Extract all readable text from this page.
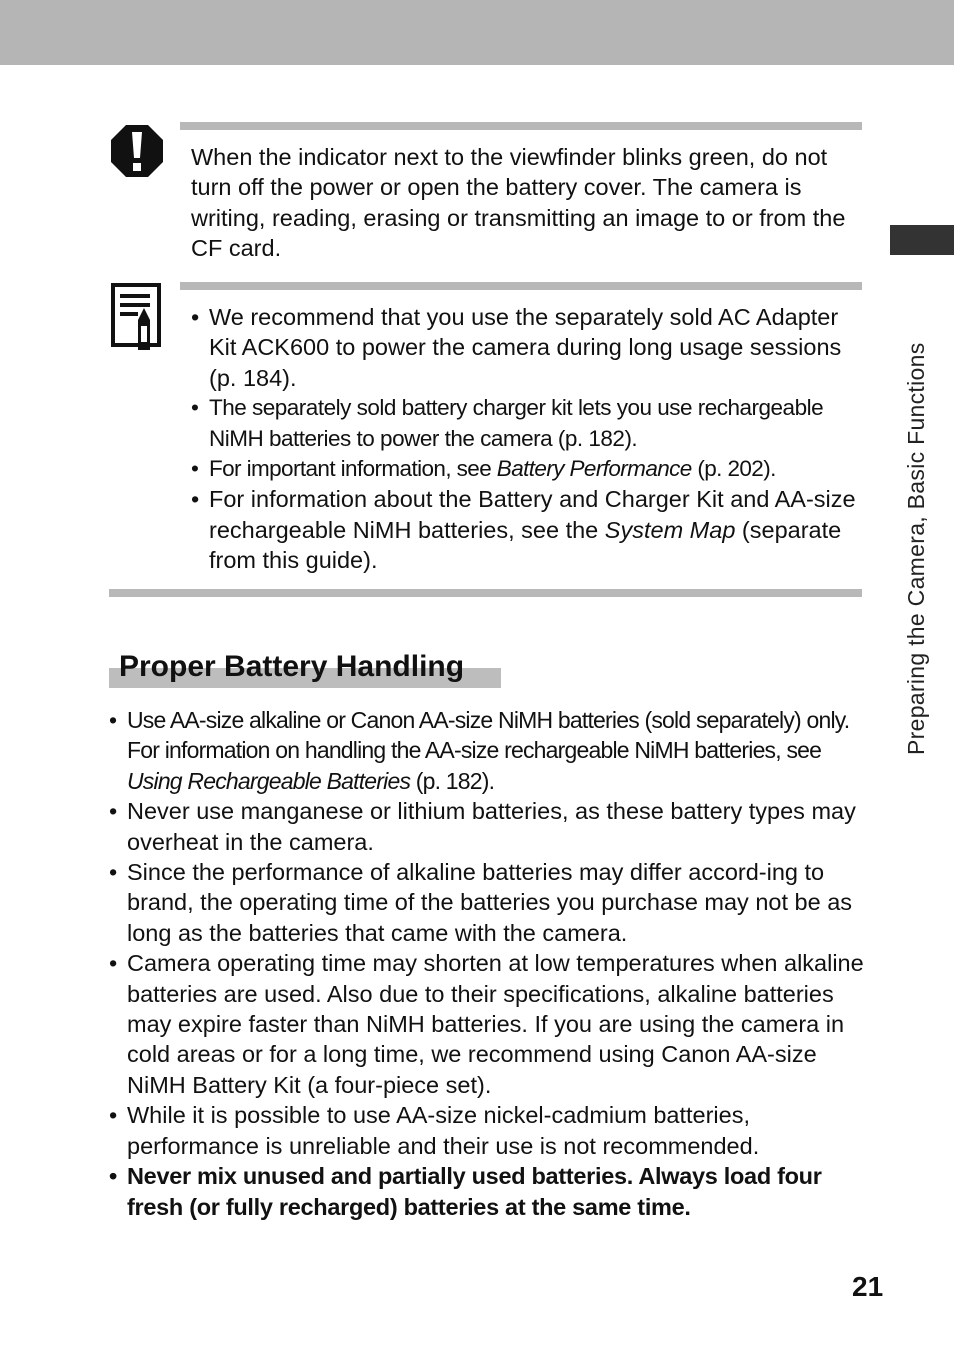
When the indicator next to the viewfinder blinks green, do not turn off the power or open the battery cover. The camera is writing, reading, erasing or transmitting an image to or from the CF card.
• We recommend that you use the separately sold AC Adapter Kit ACK600 to power the camera during long usage sessions (p. 184).
• The separately sold battery charger kit lets you use rechargeable NiMH batteries to power the camera (p. 182).
• For important information, see Battery Performance (p. 202).
• For information about the Battery and Charger Kit and AA-size rechargeable NiMH batteries, see the System Map (separate from this guide).
Proper Battery Handling
• Use AA-size alkaline or Canon AA-size NiMH batteries (sold separately) only. For information on handling the AA-size rechargeable NiMH batteries, see Using Rechargeable Batteries (p. 182).
• Never use manganese or lithium batteries, as these battery types may overheat in the camera.
• Since the performance of alkaline batteries may differ accord-ing to brand, the operating time of the batteries you purchase may not be as long as the batteries that came with the camera.
• Camera operating time may shorten at low temperatures when alkaline batteries are used. Also due to their specifications, alkaline batteries may expire faster than NiMH batteries. If you are using the camera in cold areas or for a long time, we recommend using Canon AA-size NiMH Battery Kit (a four-piece set).
• While it is possible to use AA-size nickel-cadmium batteries, performance is unreliable and their use is not recommended.
• Never mix unused and partially used batteries. Always load four fresh (or fully recharged) batteries at the same time.
Preparing the Camera, Basic Functions
21
